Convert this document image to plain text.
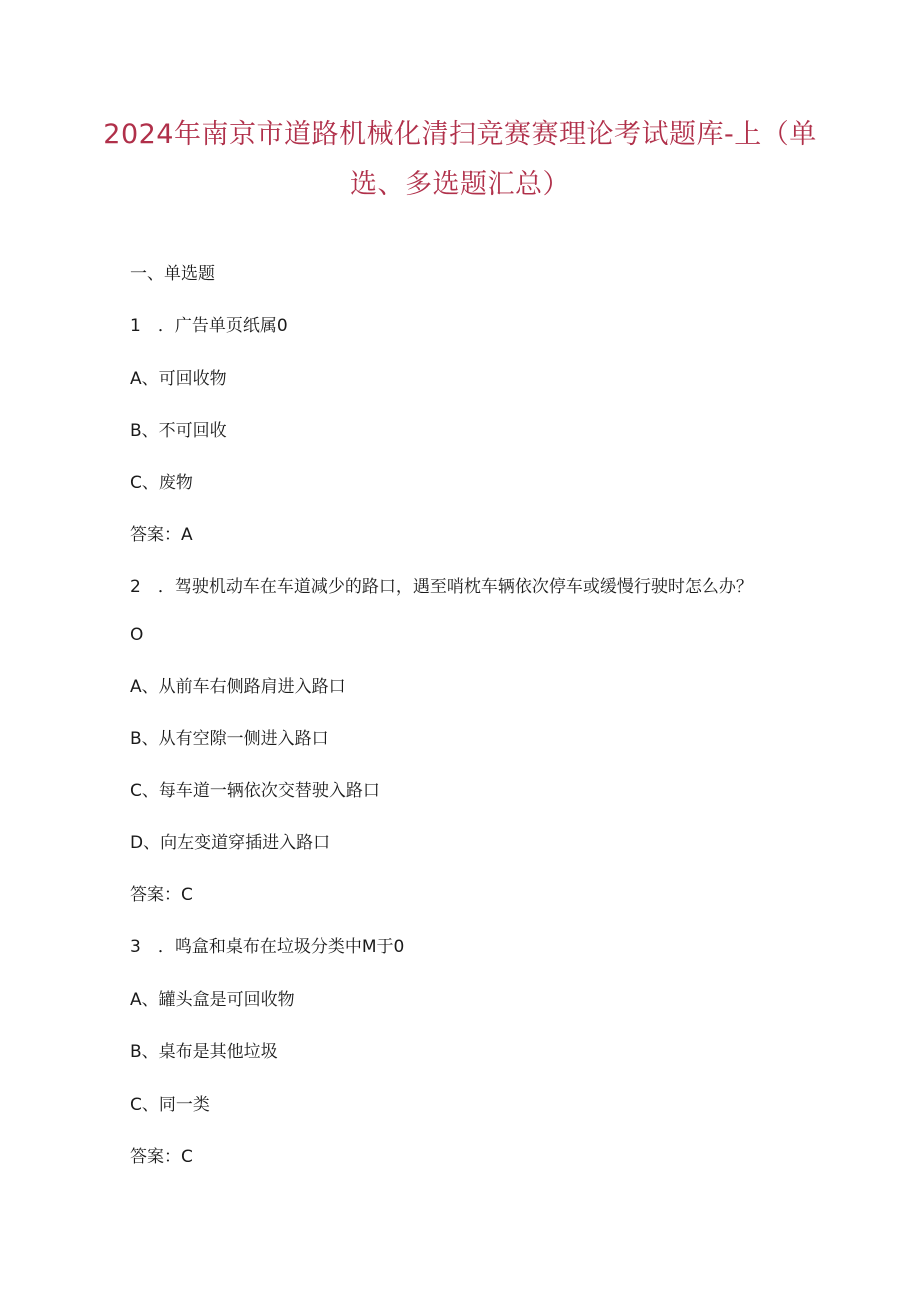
2024年南京市道路机械化清扫竞赛赛理论考试题库-上（单
选、多选题汇总）
一、单选题
1　．广告单页纸属0
A、可回收物
B、不可回收
C、废物
答案：A
2　．驾驶机动车在车道减少的路口，遇至哨枕车辆依次停车或缓慢行驶时怎么办？
O
A、从前车右侧路肩进入路口
B、从有空隙一侧进入路口
C、每车道一辆依次交替驶入路口
D、向左变道穿插进入路口
答案：C
3　．鸣盒和桌布在垃圾分类中M于0
A、罐头盒是可回收物
B、桌布是其他垃圾
C、同一类
答案：C
